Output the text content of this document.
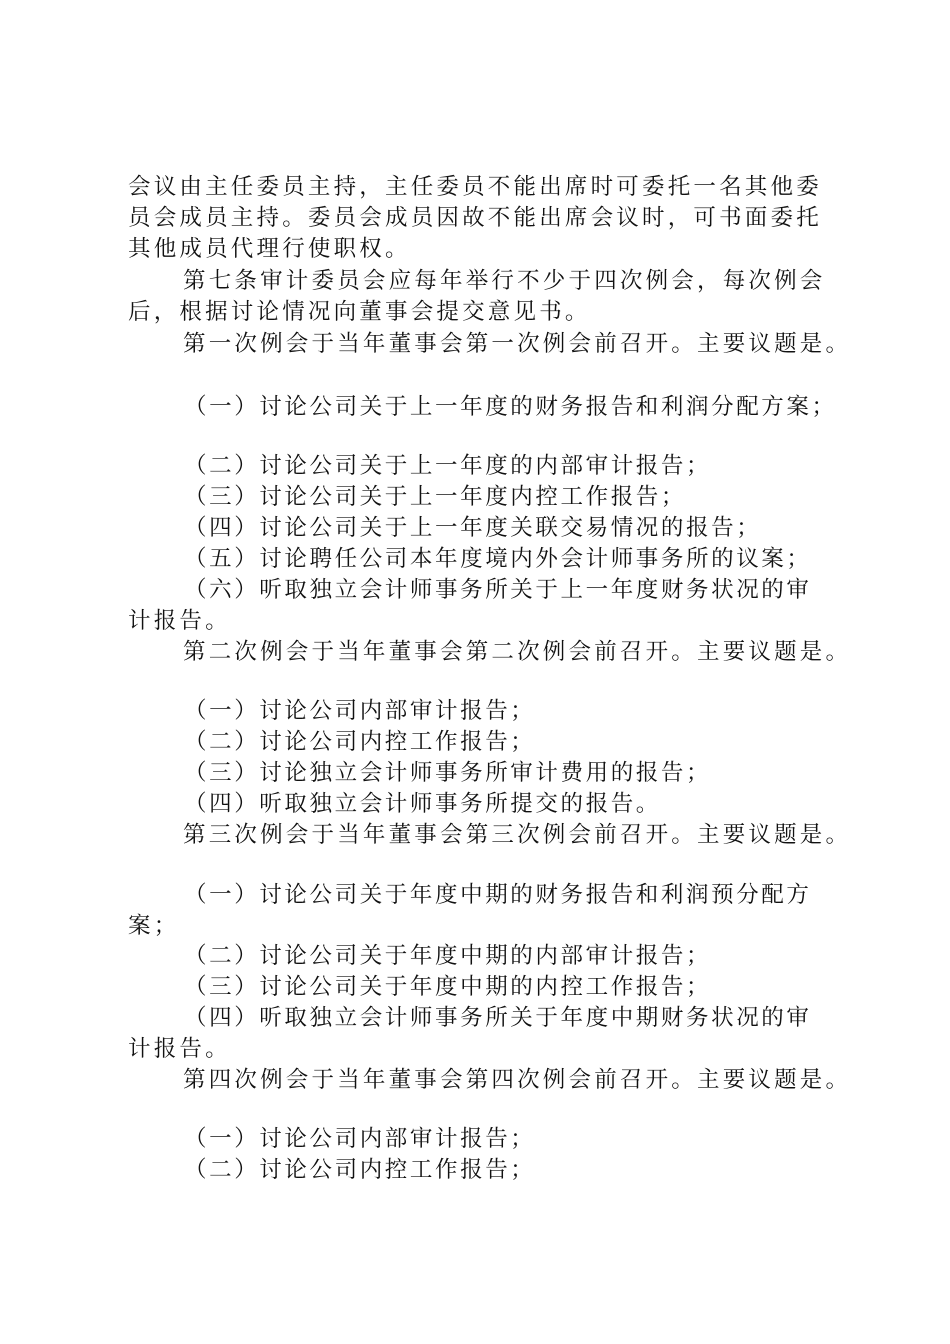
会议由主任委员主持，主任委员不能出席时可委托一名其他委
员会成员主持。委员会成员因故不能出席会议时，可书面委托
其他成员代理行使职权。
第七条审计委员会应每年举行不少于四次例会，每次例会
后，根据讨论情况向董事会提交意见书。
第一次例会于当年董事会第一次例会前召开。主要议题是。
（一）讨论公司关于上一年度的财务报告和利润分配方案；
（二）讨论公司关于上一年度的内部审计报告；
（三）讨论公司关于上一年度内控工作报告；
（四）讨论公司关于上一年度关联交易情况的报告；
（五）讨论聘任公司本年度境内外会计师事务所的议案；
（六）听取独立会计师事务所关于上一年度财务状况的审
计报告。
第二次例会于当年董事会第二次例会前召开。主要议题是。
（一）讨论公司内部审计报告；
（二）讨论公司内控工作报告；
（三）讨论独立会计师事务所审计费用的报告；
（四）听取独立会计师事务所提交的报告。
第三次例会于当年董事会第三次例会前召开。主要议题是。
（一）讨论公司关于年度中期的财务报告和利润预分配方
案；
（二）讨论公司关于年度中期的内部审计报告；
（三）讨论公司关于年度中期的内控工作报告；
（四）听取独立会计师事务所关于年度中期财务状况的审
计报告。
第四次例会于当年董事会第四次例会前召开。主要议题是。
（一）讨论公司内部审计报告；
（二）讨论公司内控工作报告；
